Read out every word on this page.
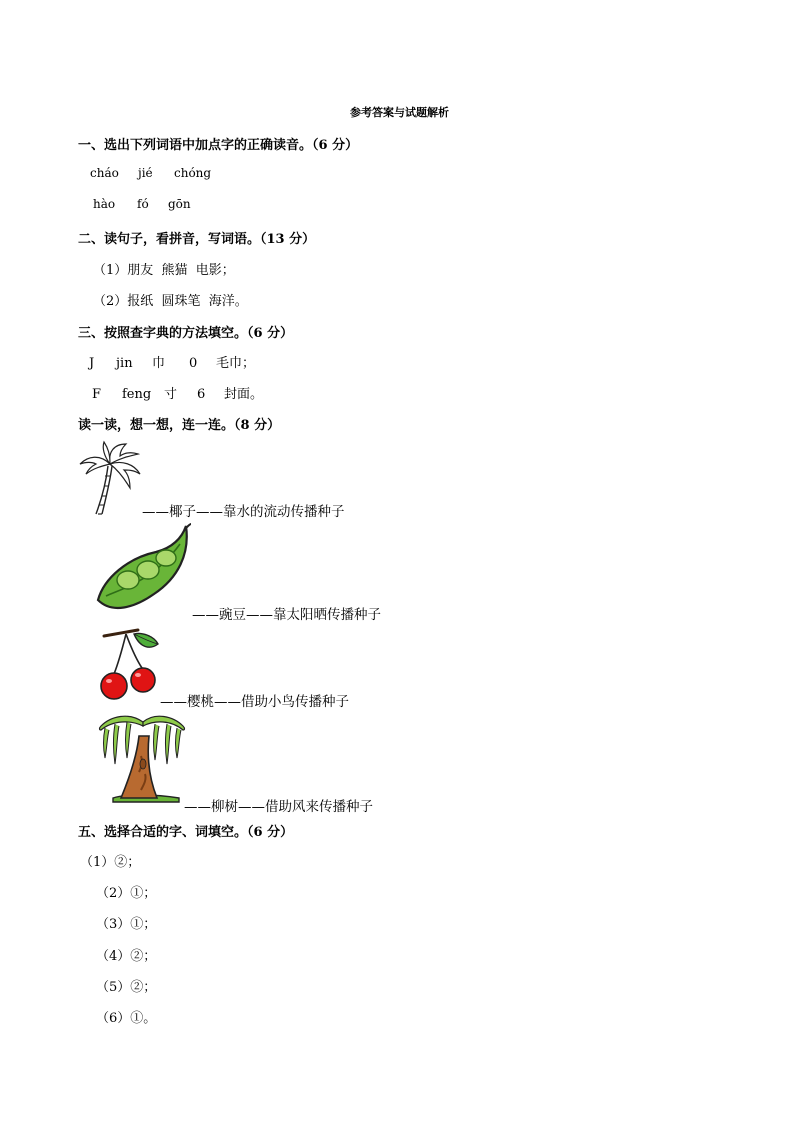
参考答案与试题解析
一、选出下列词语中加点字的正确读音。（6 分）
cháo jié chóng
hào fó gōn
二、读句子，看拼音，写词语。（13 分）
（1）朋友  熊猫  电影；
（2）报纸  圆珠笔  海洋。
三、按照查字典的方法填空。（6 分）
J jin 巾 0 毛巾；
F feng 寸 6 封面。
读一读，想一想，连一连。（8 分）
——椰子——靠水的流动传播种子
——豌豆——靠太阳晒传播种子
——樱桃——借助小鸟传播种子
——柳树——借助风来传播种子
五、选择合适的字、词填空。（6 分）
（1）②；
（2）①；
（3）①；
（4）②；
（5）②；
（6）①。
